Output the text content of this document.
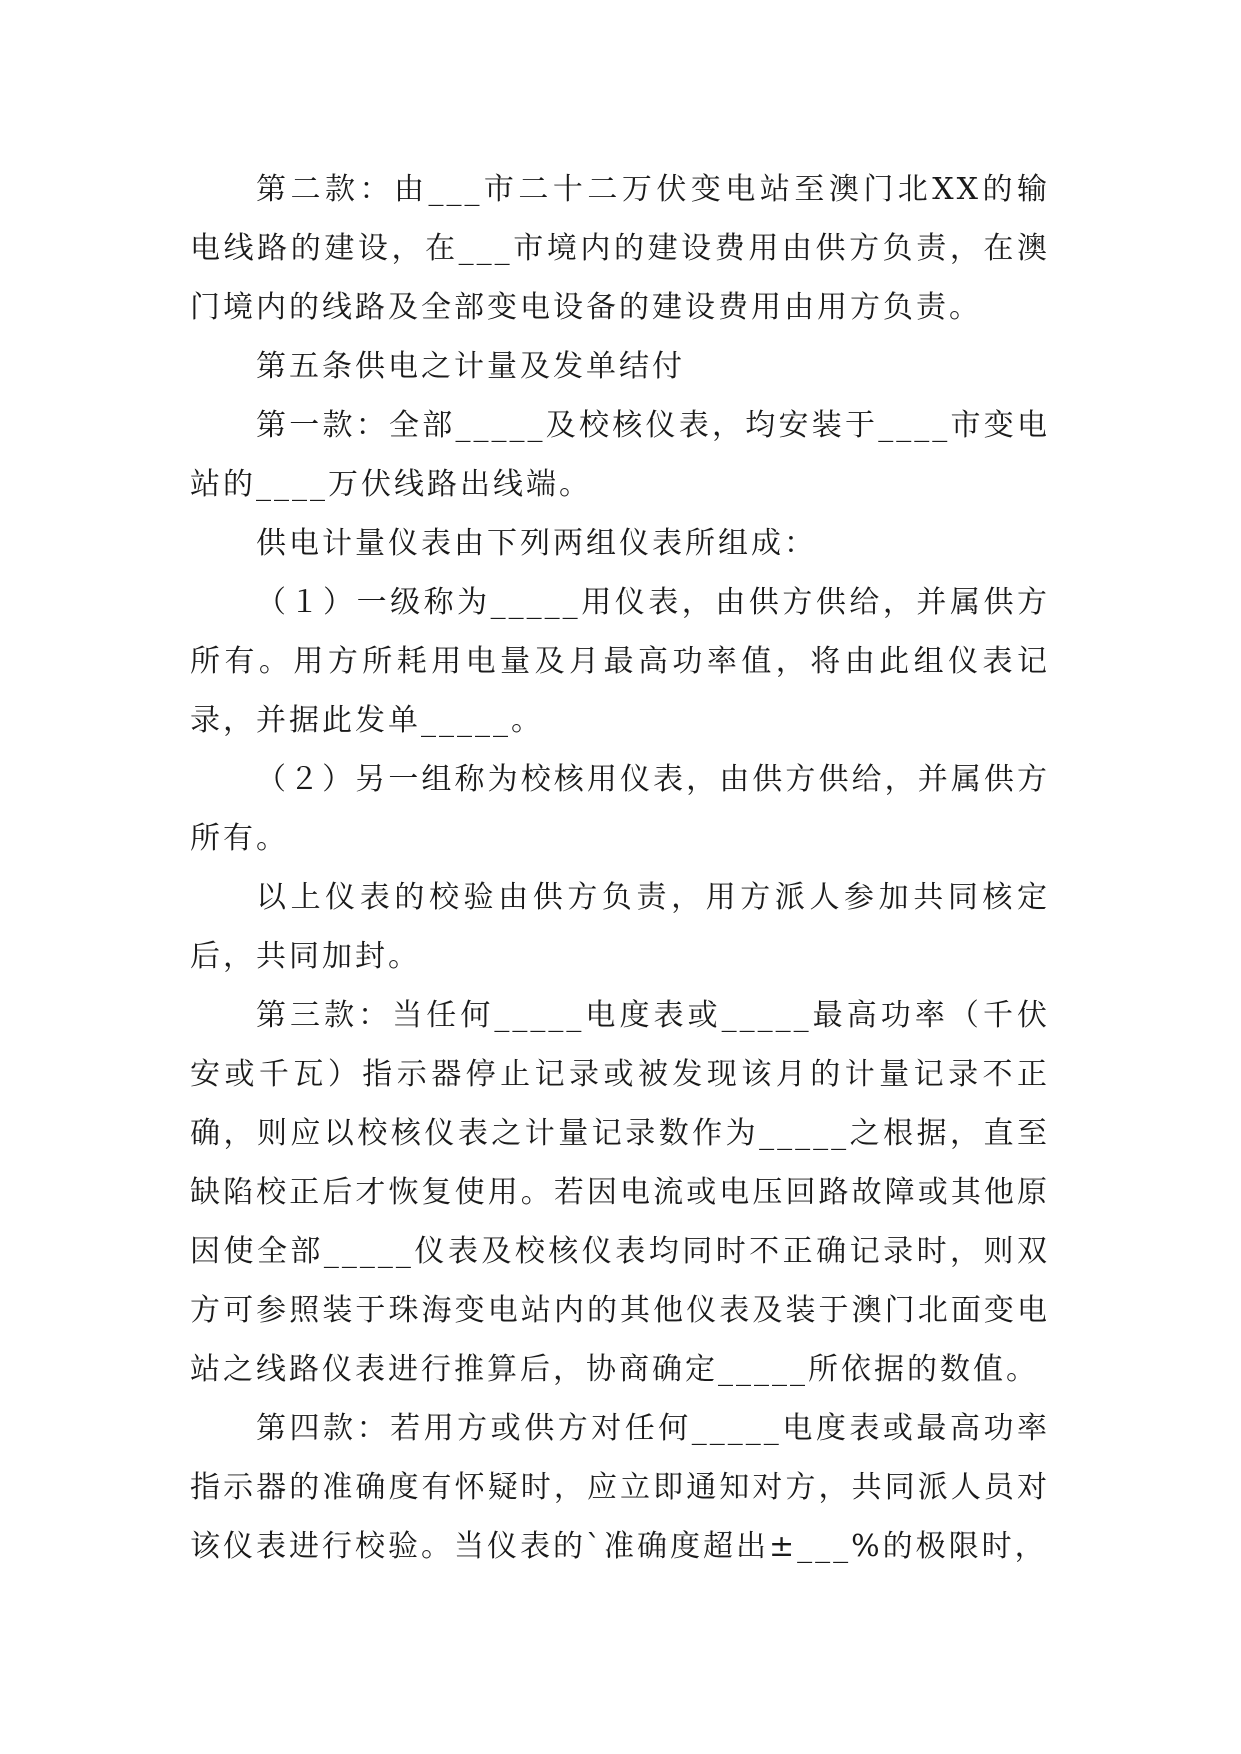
第二款：由___市二十二万伏变电站至澳门北XX的输电线路的建设，在___市境内的建设费用由供方负责，在澳门境内的线路及全部变电设备的建设费用由用方负责。

第五条供电之计量及发单结付

第一款：全部_____及校核仪表，均安装于____市变电站的____万伏线路出线端。

供电计量仪表由下列两组仪表所组成：

（１）一级称为_____用仪表，由供方供给，并属供方所有。用方所耗用电量及月最高功率值，将由此组仪表记录，并据此发单_____。

（２）另一组称为校核用仪表，由供方供给，并属供方所有。

以上仪表的校验由供方负责，用方派人参加共同核定后，共同加封。

第三款：当任何_____电度表或_____最高功率（千伏安或千瓦）指示器停止记录或被发现该月的计量记录不正确，则应以校核仪表之计量记录数作为_____之根据，直至缺陷校正后才恢复使用。若因电流或电压回路故障或其他原因使全部_____仪表及校核仪表均同时不正确记录时，则双方可参照装于珠海变电站内的其他仪表及装于澳门北面变电站之线路仪表进行推算后，协商确定_____所依据的数值。

第四款：若用方或供方对任何_____电度表或最高功率指示器的准确度有怀疑时，应立即通知对方，共同派人员对该仪表进行校验。当仪表的`准确度超出±___%的极限时，
